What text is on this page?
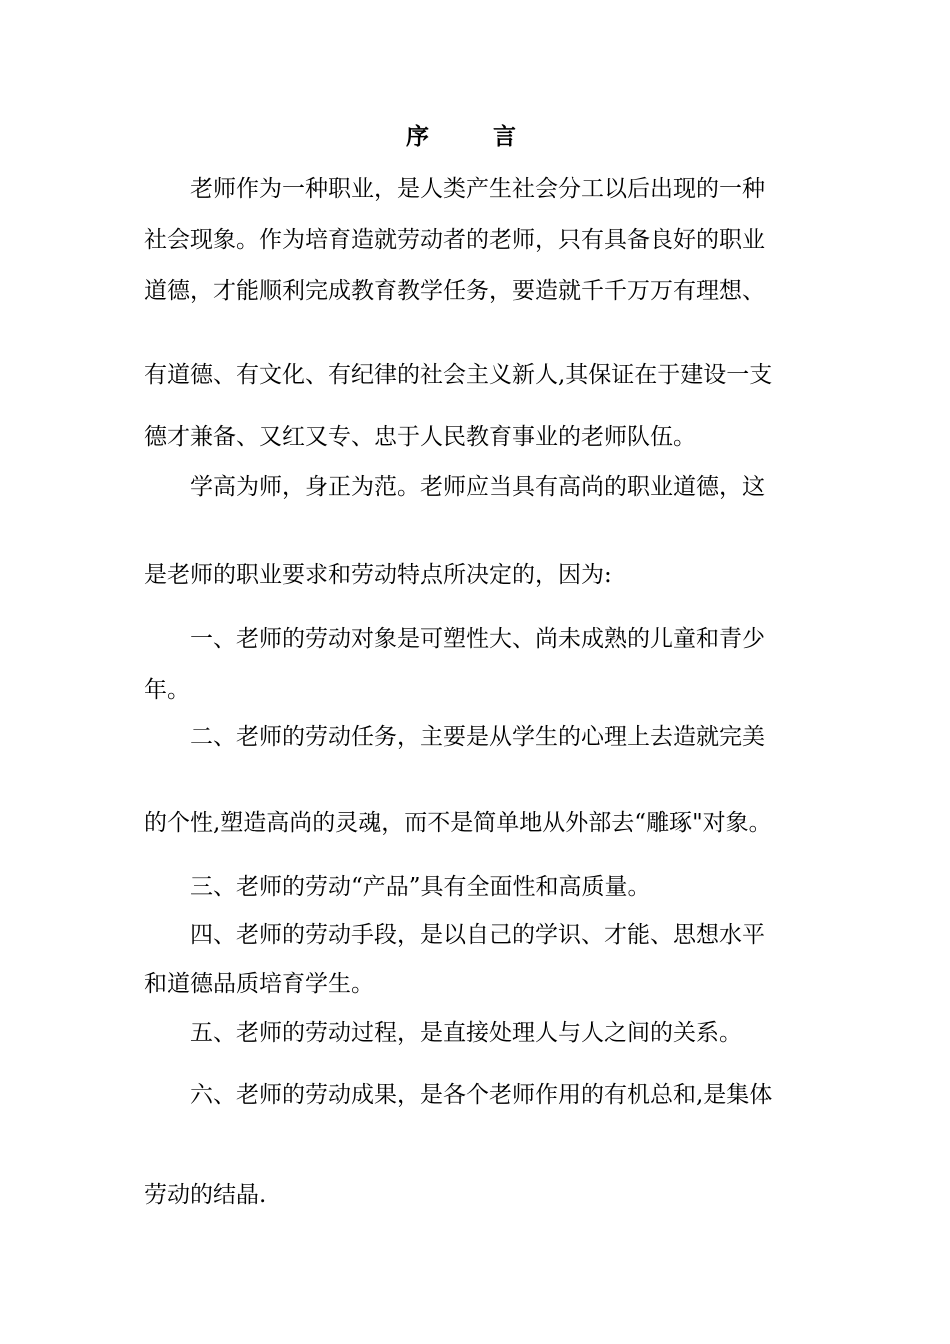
序 言
老师作为一种职业，是人类产生社会分工以后出现的一种
社会现象。作为培育造就劳动者的老师，只有具备良好的职业
道德，才能顺利完成教育教学任务，要造就千千万万有理想、
有道德、有文化、有纪律的社会主义新人,其保证在于建设一支
德才兼备、又红又专、忠于人民教育事业的老师队伍。
学高为师，身正为范。老师应当具有高尚的职业道德，这
是老师的职业要求和劳动特点所决定的，因为:
一、老师的劳动对象是可塑性大、尚未成熟的儿童和青少
年。
二、老师的劳动任务，主要是从学生的心理上去造就完美
的个性,塑造高尚的灵魂，而不是简单地从外部去“雕琢"对象。
三、老师的劳动“产品”具有全面性和高质量。
四、老师的劳动手段，是以自己的学识、才能、思想水平
和道德品质培育学生。
五、老师的劳动过程，是直接处理人与人之间的关系。
六、老师的劳动成果，是各个老师作用的有机总和,是集体
劳动的结晶.
